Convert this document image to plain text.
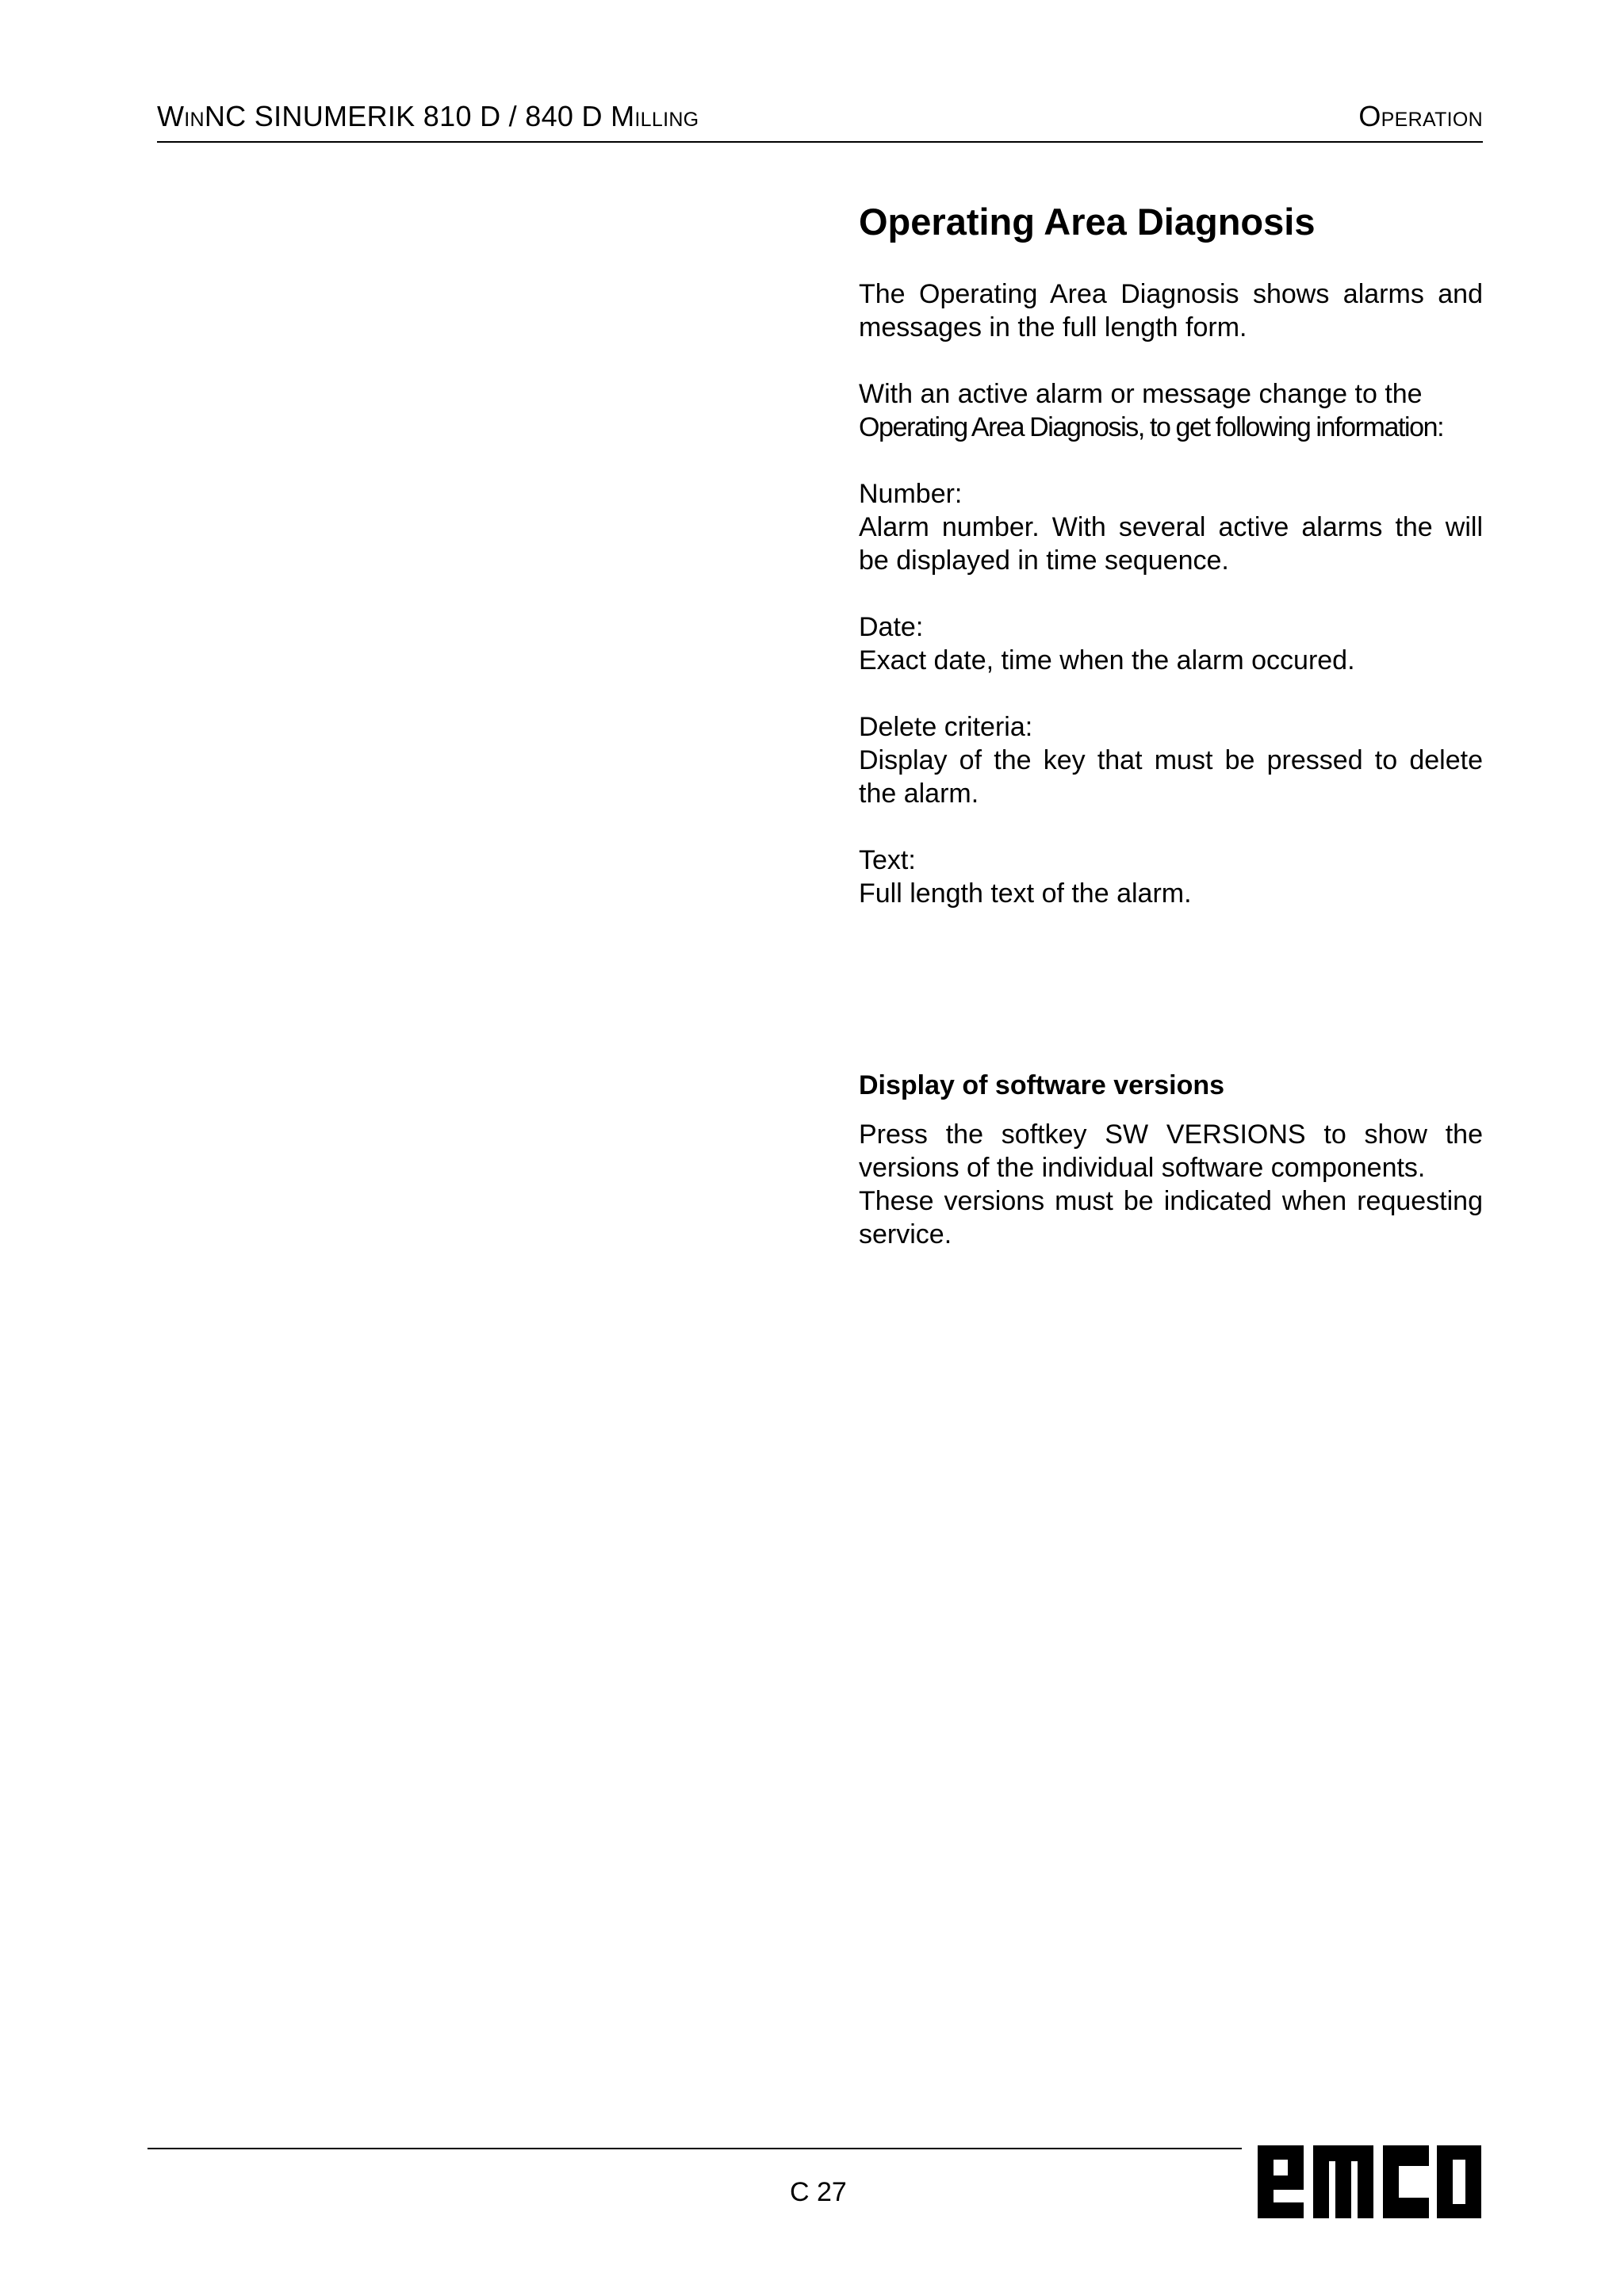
WinNC SINUMERIK 810 D / 840 D Milling	Operation
Operating Area Diagnosis

The Operating Area Diagnosis shows alarms and messages in the full length form.

With an active alarm or message change to the
Operating Area Diagnosis, to get following information:

Number:
Alarm number. With several active alarms the will be displayed in time sequence.

Date:
Exact date, time when the alarm occured.

Delete criteria:
Display of the key that must be pressed to delete the alarm.

Text:
Full length text of the alarm.

Display of software versions

Press the softkey SW VERSIONS to show the versions of the individual software components.
These versions must be indicated when requesting service.

C 27
